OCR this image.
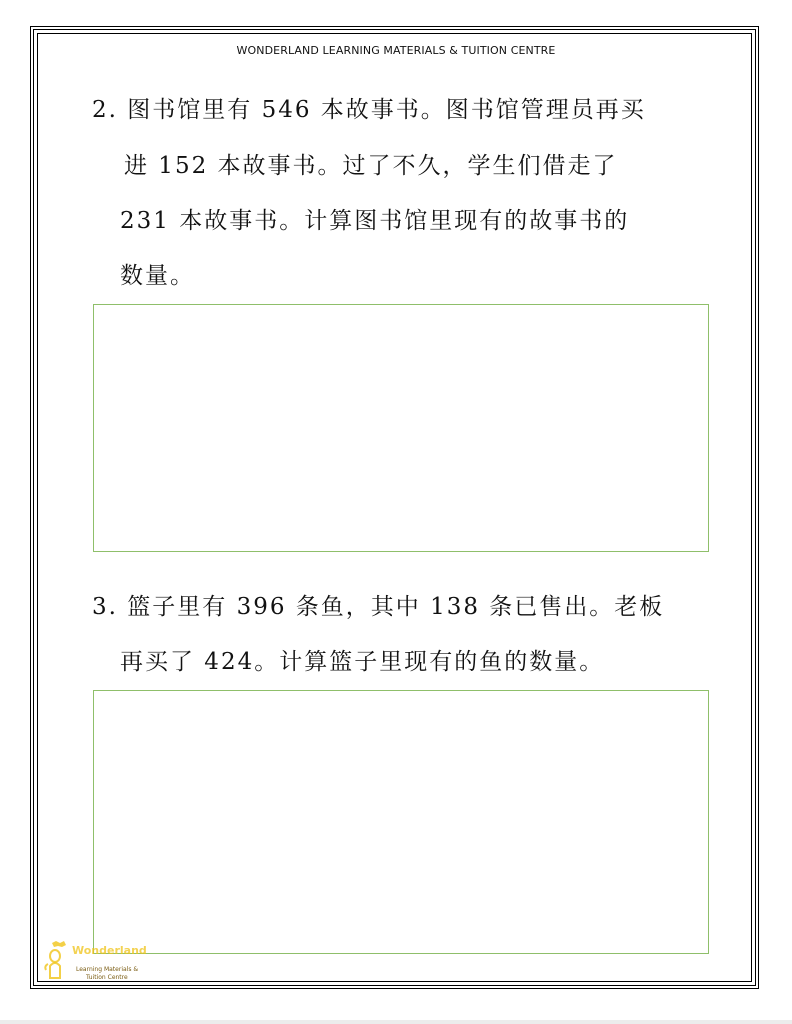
WONDERLAND LEARNING MATERIALS & TUITION CENTRE
2. 图书馆里有 546 本故事书。图书馆管理员再买
进 152 本故事书。过了不久，学生们借走了
231 本故事书。计算图书馆里现有的故事书的
数量。
3. 篮子里有 396 条鱼，其中 138 条已售出。老板
再买了 424。计算篮子里现有的鱼的数量。
Wonderland
Learning Materials &
Tuition Centre
